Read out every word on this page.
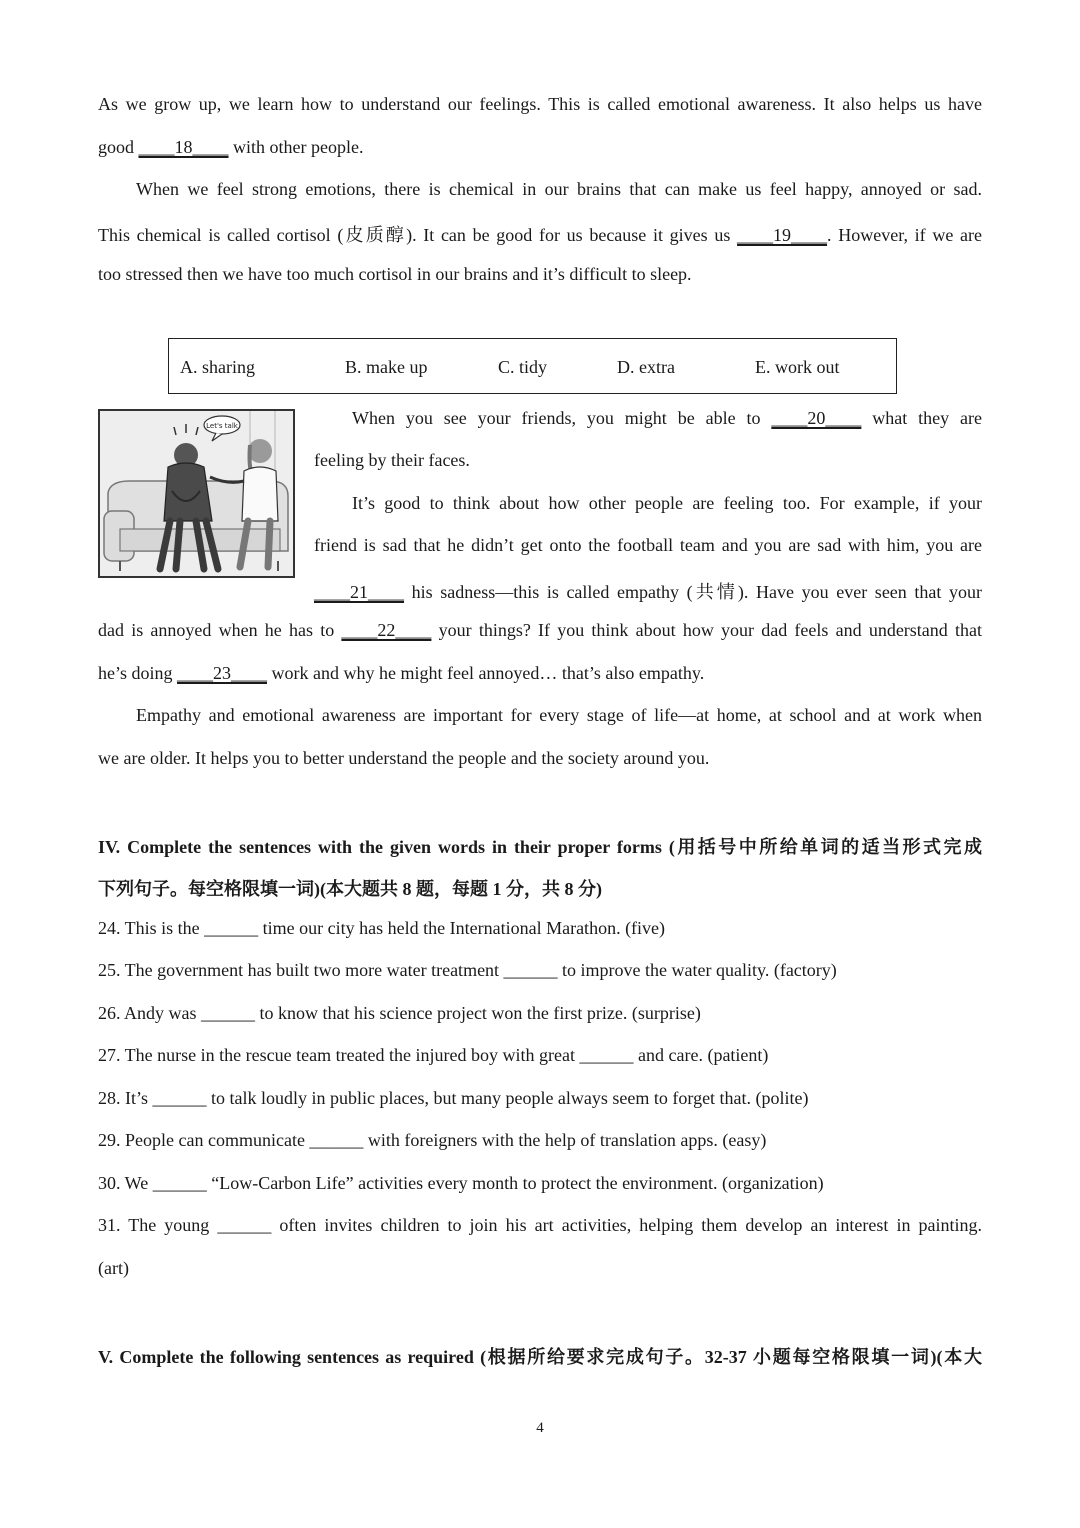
As we grow up, we learn how to understand our feelings. This is called emotional awareness. It also helps us have
good ____18____ with other people.
When we feel strong emotions, there is chemical in our brains that can make us feel happy, annoyed or sad.
This chemical is called cortisol (皮质醇). It can be good for us because it gives us ____19____. However, if we are
too stressed then we have too much cortisol in our brains and it’s difficult to sleep.
A. sharing	B. make up	C. tidy	D. extra	E. work out
Let's talk	When you see your friends, you might be able to ____20____ what they are
feeling by their faces.
It’s good to think about how other people are feeling too. For example, if your
friend is sad that he didn’t get onto the football team and you are sad with him, you are
____21____ his sadness—this is called empathy (共情). Have you ever seen that your
dad is annoyed when he has to ____22____ your things? If you think about how your dad feels and understand that
he’s doing ____23____ work and why he might feel annoyed… that’s also empathy.
Empathy and emotional awareness are important for every stage of life—at home, at school and at work when
we are older. It helps you to better understand the people and the society around you.
IV. Complete the sentences with the given words in their proper forms (用括号中所给单词的适当形式完成
下列句子。每空格限填一词)(本大题共 8 题，每题 1 分，共 8 分)
24. This is the ______ time our city has held the International Marathon. (five)
25. The government has built two more water treatment ______ to improve the water quality. (factory)
26. Andy was ______ to know that his science project won the first prize. (surprise)
27. The nurse in the rescue team treated the injured boy with great ______ and care. (patient)
28. It’s ______ to talk loudly in public places, but many people always seem to forget that. (polite)
29. People can communicate ______ with foreigners with the help of translation apps. (easy)
30. We ______ “Low-Carbon Life” activities every month to protect the environment. (organization)
31. The young ______ often invites children to join his art activities, helping them develop an interest in painting.
(art)
V. Complete the following sentences as required (根据所给要求完成句子。32-37 小题每空格限填一词)(本大
4
